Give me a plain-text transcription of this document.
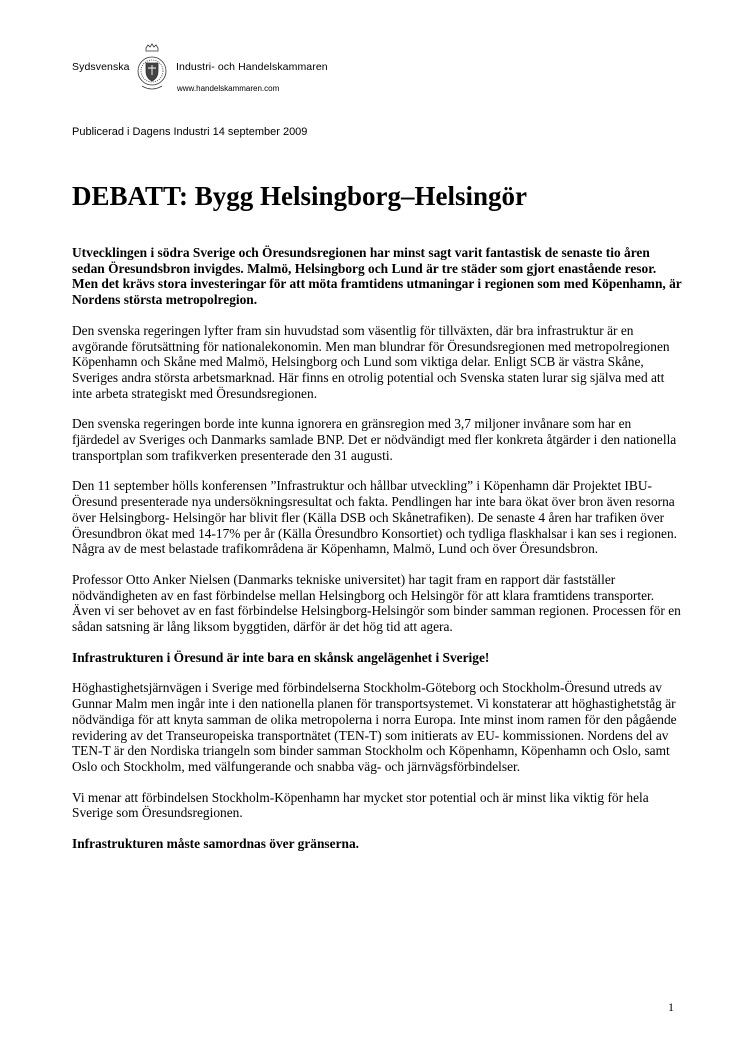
Sydsvenska	Industri- och Handelskammaren
www.handelskammaren.com
Publicerad i Dagens Industri 14 september 2009
DEBATT: Bygg Helsingborg–Helsingör

Utvecklingen i södra Sverige och Öresundsregionen har minst sagt varit fantastisk de senaste tio åren sedan Öresundsbron invigdes. Malmö, Helsingborg och Lund är tre städer som gjort enastående resor. Men det krävs stora investeringar för att möta framtidens utmaningar i regionen som med Köpenhamn, är Nordens största metropolregion.

Den svenska regeringen lyfter fram sin huvudstad som väsentlig för tillväxten, där bra infrastruktur är en avgörande förutsättning för nationalekonomin. Men man blundrar för Öresundsregionen med metropolregionen Köpenhamn och Skåne med Malmö, Helsingborg och Lund som viktiga delar. Enligt SCB är västra Skåne, Sveriges andra största arbetsmarknad. Här finns en otrolig potential och Svenska staten lurar sig själva med att inte arbeta strategiskt med Öresundsregionen.

Den svenska regeringen borde inte kunna ignorera en gränsregion med 3,7 miljoner invånare som har en fjärdedel av Sveriges och Danmarks samlade BNP. Det er nödvändigt med fler konkreta åtgärder i den nationella transportplan som trafikverken presenterade den 31 augusti.

Den 11 september hölls konferensen ”Infrastruktur och hållbar utveckling” i Köpenhamn där Projektet IBU-Öresund presenterade nya undersökningsresultat och fakta. Pendlingen har inte bara ökat över bron även resorna över Helsingborg- Helsingör har blivit fler (Källa DSB och Skånetrafiken). De senaste 4 åren har trafiken över Öresundbron ökat med 14-17% per år (Källa Öresundbro Konsortiet) och tydliga flaskhalsar i kan ses i regionen. Några av de mest belastade trafikområdena är Köpenhamn, Malmö, Lund och över Öresundsbron.

Professor Otto Anker Nielsen (Danmarks tekniske universitet) har tagit fram en rapport där fastställer nödvändigheten av en fast förbindelse mellan Helsingborg och Helsingör för att klara framtidens transporter. Även vi ser behovet av en fast förbindelse Helsingborg-Helsingör som binder samman regionen. Processen för en sådan satsning är lång liksom byggtiden, därför är det hög tid att agera.

Infrastrukturen i Öresund är inte bara en skånsk angelägenhet i Sverige!

Höghastighetsjärnvägen i Sverige med förbindelserna Stockholm-Göteborg och Stockholm-Öresund utreds av Gunnar Malm men ingår inte i den nationella planen för transportsystemet. Vi konstaterar att höghastighetståg är nödvändiga för att knyta samman de olika metropolerna i norra Europa. Inte minst inom ramen för den pågående revidering av det Transeuropeiska transportnätet (TEN-T) som initierats av EU- kommissionen. Nordens del av TEN-T är den Nordiska triangeln som binder samman Stockholm och Köpenhamn, Köpenhamn och Oslo, samt Oslo och Stockholm, med välfungerande och snabba väg- och järnvägsförbindelser.

Vi menar att förbindelsen Stockholm-Köpenhamn har mycket stor potential och är minst lika viktig för hela Sverige som Öresundsregionen.

Infrastrukturen måste samordnas över gränserna.

1
